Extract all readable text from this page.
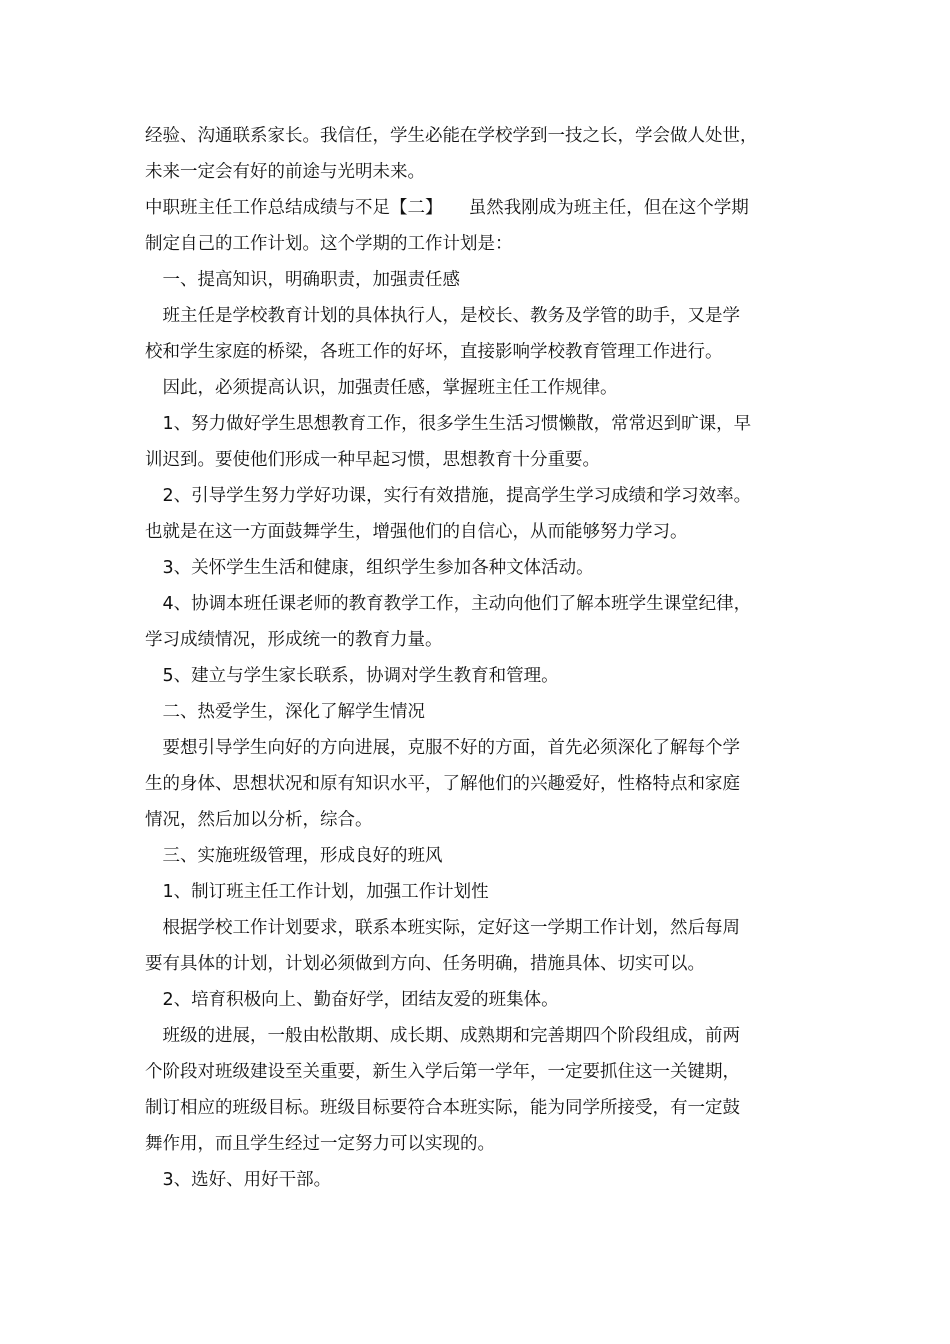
经验、沟通联系家长。我信任，学生必能在学校学到一技之长，学会做人处世，
未来一定会有好的前途与光明未来。
中职班主任工作总结成绩与不足【二】　　虽然我刚成为班主任，但在这个学期
制定自己的工作计划。这个学期的工作计划是：
　一、提高知识，明确职责，加强责任感
　班主任是学校教育计划的具体执行人，是校长、教务及学管的助手，又是学
校和学生家庭的桥梁，各班工作的好坏，直接影响学校教育管理工作进行。
　因此，必须提高认识，加强责任感，掌握班主任工作规律。
　1、努力做好学生思想教育工作，很多学生生活习惯懒散，常常迟到旷课，早
训迟到。要使他们形成一种早起习惯，思想教育十分重要。
　2、引导学生努力学好功课，实行有效措施，提高学生学习成绩和学习效率。
也就是在这一方面鼓舞学生，增强他们的自信心，从而能够努力学习。
　3、关怀学生生活和健康，组织学生参加各种文体活动。
　4、协调本班任课老师的教育教学工作，主动向他们了解本班学生课堂纪律，
学习成绩情况，形成统一的教育力量。
　5、建立与学生家长联系，协调对学生教育和管理。
　二、热爱学生，深化了解学生情况
　要想引导学生向好的方向进展，克服不好的方面，首先必须深化了解每个学
生的身体、思想状况和原有知识水平，了解他们的兴趣爱好，性格特点和家庭
情况，然后加以分析，综合。
　三、实施班级管理，形成良好的班风
　1、制订班主任工作计划，加强工作计划性
　根据学校工作计划要求，联系本班实际，定好这一学期工作计划，然后每周
要有具体的计划，计划必须做到方向、任务明确，措施具体、切实可以。
　2、培育积极向上、勤奋好学，团结友爱的班集体。
　班级的进展，一般由松散期、成长期、成熟期和完善期四个阶段组成，前两
个阶段对班级建设至关重要，新生入学后第一学年，一定要抓住这一关键期，
制订相应的班级目标。班级目标要符合本班实际，能为同学所接受，有一定鼓
舞作用，而且学生经过一定努力可以实现的。
　3、选好、用好干部。
